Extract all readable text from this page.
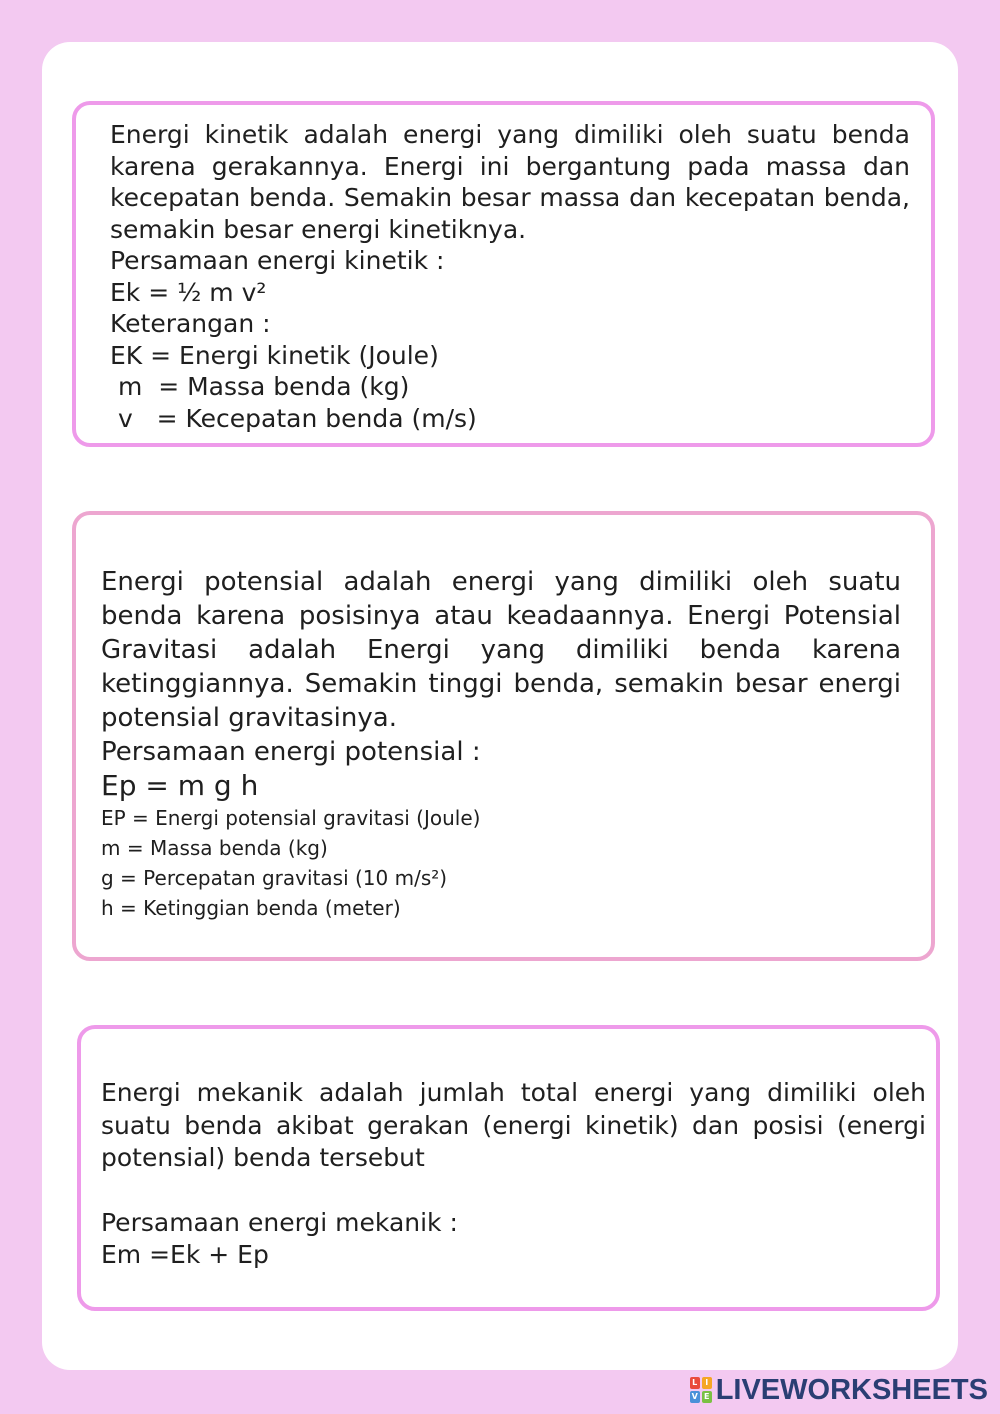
Energi kinetik adalah energi yang dimiliki oleh suatu benda karena gerakannya. Energi ini bergantung pada massa dan kecepatan benda. Semakin besar massa dan kecepatan benda, semakin besar energi kinetiknya.

Persamaan energi kinetik :

Ek = ½ m v²

Keterangan :

EK = Energi kinetik (Joule)

m  = Massa benda (kg)

v   = Kecepatan benda (m/s)

Energi potensial adalah energi yang dimiliki oleh suatu benda karena posisinya atau keadaannya. Energi Potensial Gravitasi adalah Energi yang dimiliki benda karena ketinggiannya. Semakin tinggi benda, semakin besar energi potensial gravitasinya.

Persamaan energi potensial :

Ep = m g h

EP = Energi potensial gravitasi (Joule)

m = Massa benda (kg)

g = Percepatan gravitasi (10 m/s²)

h = Ketinggian benda (meter)

Energi mekanik adalah jumlah total energi yang dimiliki oleh suatu benda akibat gerakan (energi kinetik) dan posisi (energi potensial) benda tersebut

Persamaan energi mekanik :

Em =Ek + Ep

L I
V E LIVEWORKSHEETS
